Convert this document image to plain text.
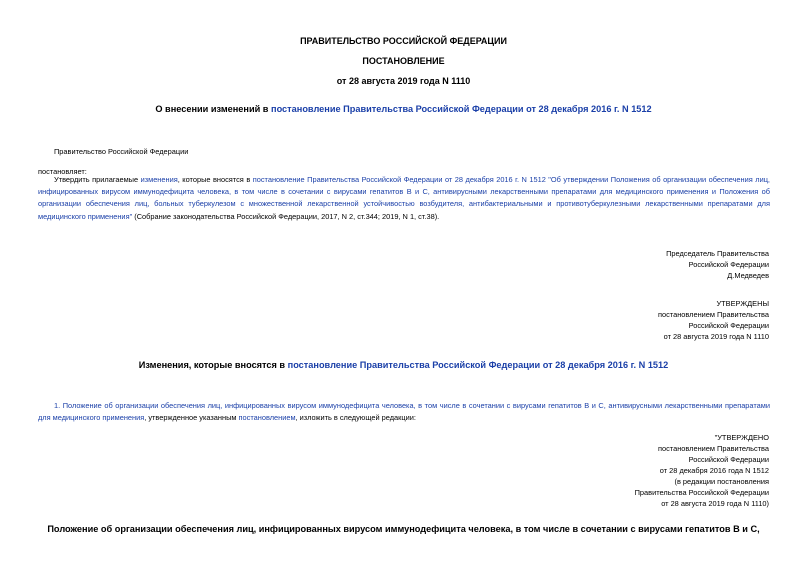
ПРАВИТЕЛЬСТВО РОССИЙСКОЙ ФЕДЕРАЦИИ
ПОСТАНОВЛЕНИЕ
от 28 августа 2019 года N 1110
О внесении изменений в постановление Правительства Российской Федерации от 28 декабря 2016 г. N 1512
Правительство Российской Федерации
постановляет:
Утвердить прилагаемые изменения, которые вносятся в постановление Правительства Российской Федерации от 28 декабря 2016 г. N 1512 "Об утверждении Положения об организации обеспечения лиц, инфицированных вирусом иммунодефицита человека, в том числе в сочетании с вирусами гепатитов B и C, антивирусными лекарственными препаратами для медицинского применения и Положения об организации обеспечения лиц, больных туберкулезом с множественной лекарственной устойчивостью возбудителя, антибактериальными и противотуберкулезными лекарственными препаратами для медицинского применения" (Собрание законодательства Российской Федерации, 2017, N 2, ст.344; 2019, N 1, ст.38).
Председатель Правительства
Российской Федерации
Д.Медведев
УТВЕРЖДЕНЫ
постановлением Правительства
Российской Федерации
от 28 августа 2019 года N 1110
Изменения, которые вносятся в постановление Правительства Российской Федерации от 28 декабря 2016 г. N 1512
1. Положение об организации обеспечения лиц, инфицированных вирусом иммунодефицита человека, в том числе в сочетании с вирусами гепатитов B и C, антивирусными лекарственными препаратами для медицинского применения, утвержденное указанным постановлением, изложить в следующей редакции:
"УТВЕРЖДЕНО
постановлением Правительства
Российской Федерации
от 28 декабря 2016 года N 1512
(в редакции постановления
Правительства Российской Федерации
от 28 августа 2019 года N 1110)
Положение об организации обеспечения лиц, инфицированных вирусом иммунодефицита человека, в том числе в сочетании с вирусами гепатитов B и C,
